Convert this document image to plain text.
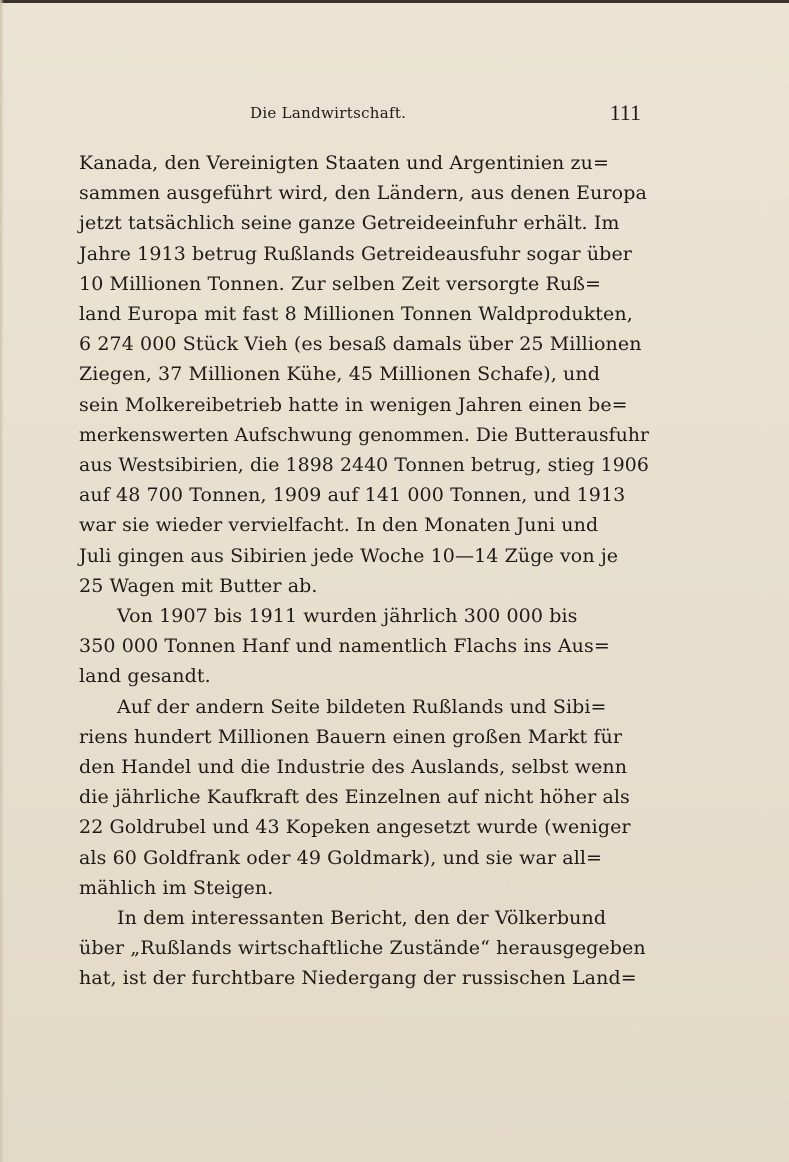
Die Landwirtschaft.	111

Kanada, den Vereinigten Staaten und Argentinien zu=
sammen ausgeführt wird, den Ländern, aus denen Europa
jetzt tatsächlich seine ganze Getreideeinfuhr erhält. Im
Jahre 1913 betrug Rußlands Getreideausfuhr sogar über
10 Millionen Tonnen. Zur selben Zeit versorgte Ruß=
land Europa mit fast 8 Millionen Tonnen Waldprodukten,
6 274 000 Stück Vieh (es besaß damals über 25 Millionen
Ziegen, 37 Millionen Kühe, 45 Millionen Schafe), und
sein Molkereibetrieb hatte in wenigen Jahren einen be=
merkenswerten Aufschwung genommen. Die Butterausfuhr
aus Westsibirien, die 1898 2440 Tonnen betrug, stieg 1906
auf 48 700 Tonnen, 1909 auf 141 000 Tonnen, und 1913
war sie wieder vervielfacht. In den Monaten Juni und
Juli gingen aus Sibirien jede Woche 10—14 Züge von je
25 Wagen mit Butter ab.

Von 1907 bis 1911 wurden jährlich 300 000 bis
350 000 Tonnen Hanf und namentlich Flachs ins Aus=
land gesandt.

Auf der andern Seite bildeten Rußlands und Sibi=
riens hundert Millionen Bauern einen großen Markt für
den Handel und die Industrie des Auslands, selbst wenn
die jährliche Kaufkraft des Einzelnen auf nicht höher als
22 Goldrubel und 43 Kopeken angesetzt wurde (weniger
als 60 Goldfrank oder 49 Goldmark), und sie war all=
mählich im Steigen.

In dem interessanten Bericht, den der Völkerbund
über „Rußlands wirtschaftliche Zustände“ herausgegeben
hat, ist der furchtbare Niedergang der russischen Land=
